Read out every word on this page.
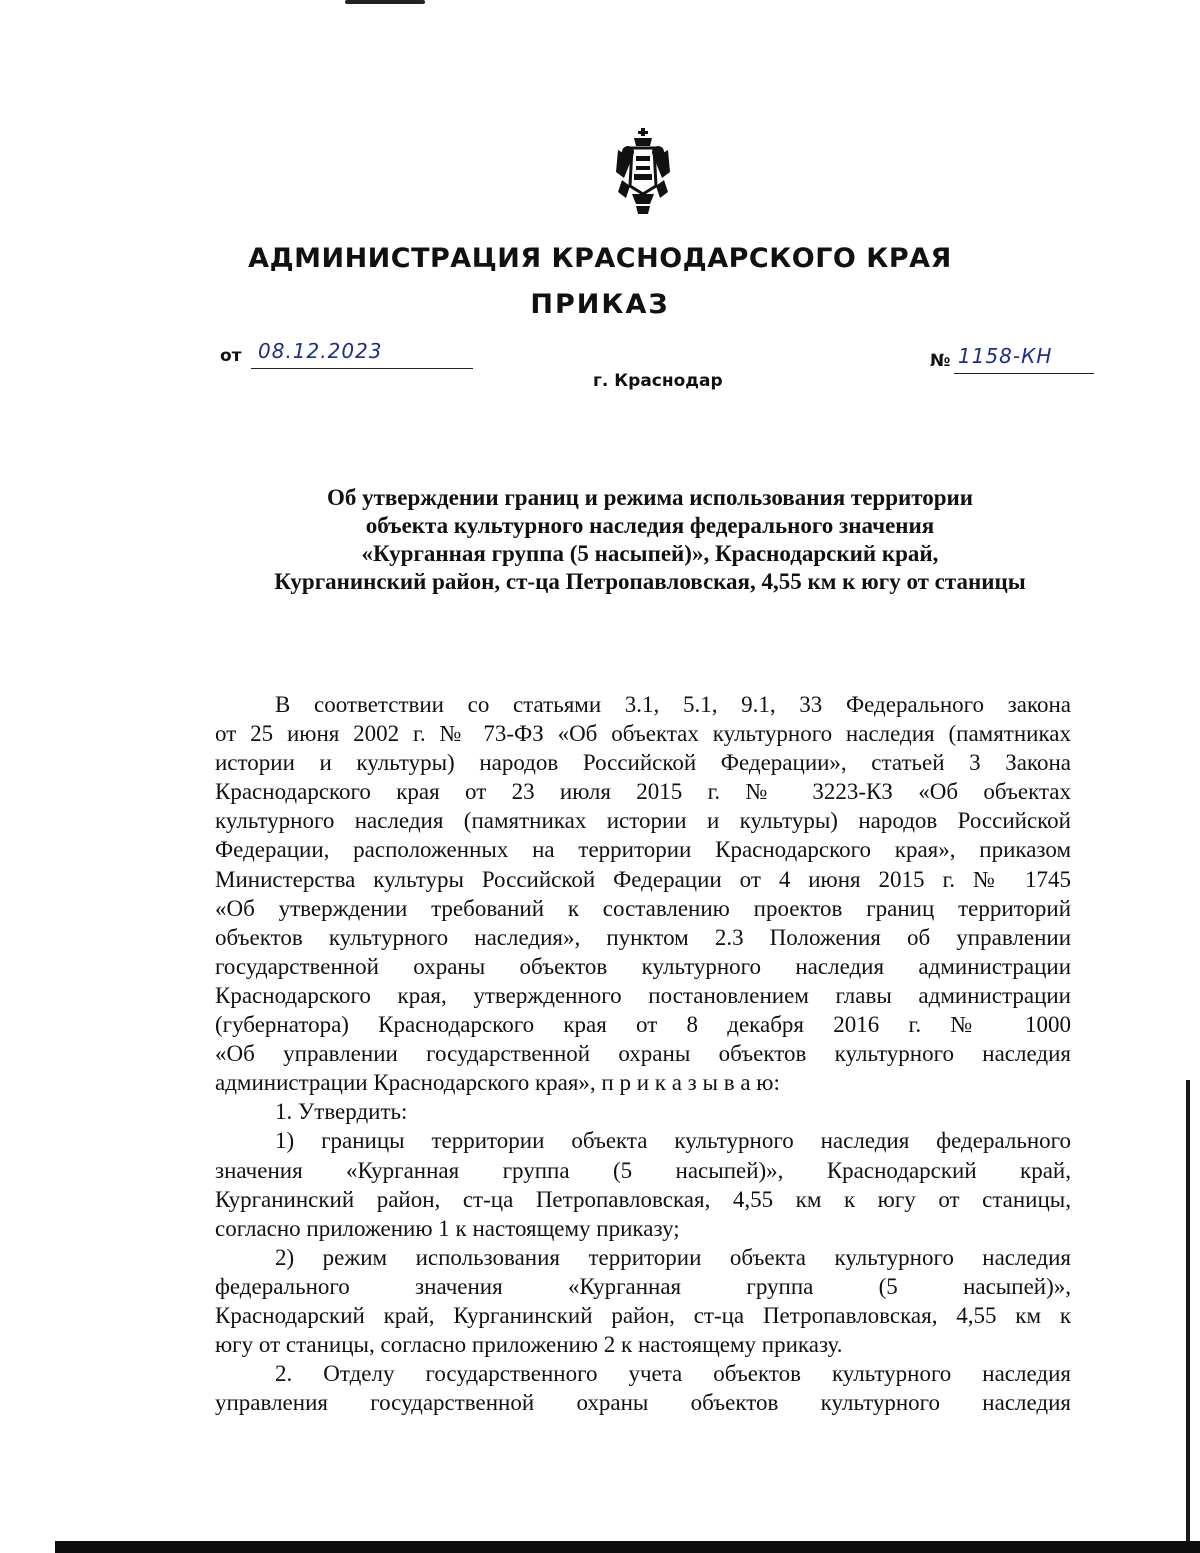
АДМИНИСТРАЦИЯ КРАСНОДАРСКОГО КРАЯ
ПРИКАЗ
от 08.12.2023	№ 1158-КН
г. Краснодар
Об утверждении границ и режима использования территории
объекта культурного наследия федерального значения
«Курганная группа (5 насыпей)», Краснодарский край,
Курганинский район, ст-ца Петропавловская, 4,55 км к югу от станицы
В соответствии со статьями 3.1, 5.1, 9.1, 33 Федерального закона
от 25 июня 2002 г. № 73-ФЗ «Об объектах культурного наследия (памятниках
истории и культуры) народов Российской Федерации», статьей 3 Закона
Краснодарского края от 23 июля 2015 г. № 3223-КЗ «Об объектах
культурного наследия (памятниках истории и культуры) народов Российской
Федерации, расположенных на территории Краснодарского края», приказом
Министерства культуры Российской Федерации от 4 июня 2015 г. № 1745
«Об утверждении требований к составлению проектов границ территорий
объектов культурного наследия», пунктом 2.3 Положения об управлении
государственной охраны объектов культурного наследия администрации
Краснодарского края, утвержденного постановлением главы администрации
(губернатора) Краснодарского края от 8 декабря 2016 г. № 1000
«Об управлении государственной охраны объектов культурного наследия
администрации Краснодарского края», п р и к а з ы в а ю:
1. Утвердить:
1) границы территории объекта культурного наследия федерального
значения «Курганная группа (5 насыпей)», Краснодарский край,
Курганинский район, ст-ца Петропавловская, 4,55 км к югу от станицы,
согласно приложению 1 к настоящему приказу;
2) режим использования территории объекта культурного наследия
федерального значения «Курганная группа (5 насыпей)»,
Краснодарский край, Курганинский район, ст-ца Петропавловская, 4,55 км к
югу от станицы, согласно приложению 2 к настоящему приказу.
2. Отделу государственного учета объектов культурного наследия
управления государственной охраны объектов культурного наследия
